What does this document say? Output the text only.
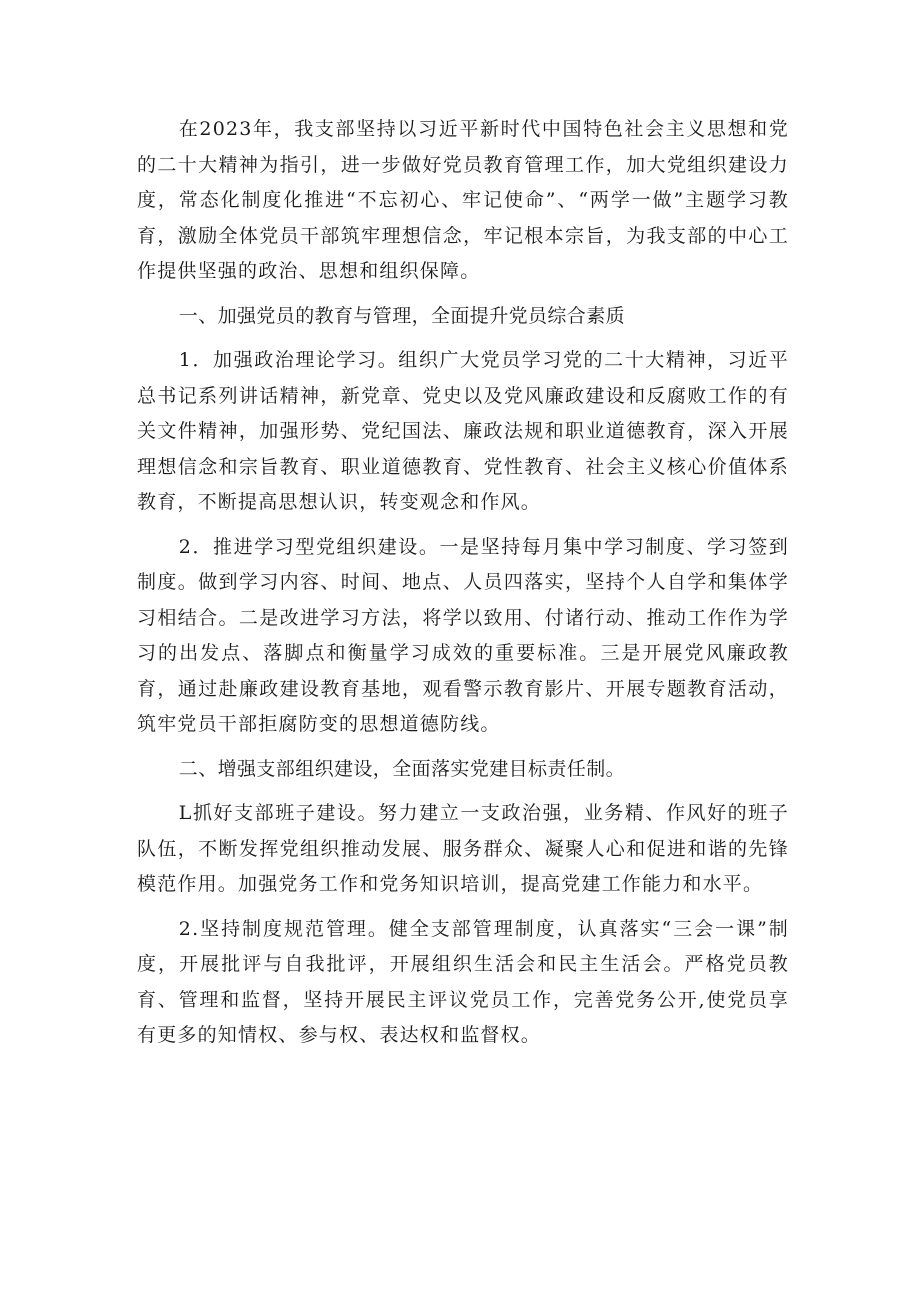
在2023年，我支部坚持以习近平新时代中国特色社会主义思想和党的二十大精神为指引，进一步做好党员教育管理工作，加大党组织建设力度，常态化制度化推进“不忘初心、牢记使命”、“两学一做”主题学习教育，激励全体党员干部筑牢理想信念，牢记根本宗旨，为我支部的中心工作提供坚强的政治、思想和组织保障。

一、加强党员的教育与管理，全面提升党员综合素质

1．加强政治理论学习。组织广大党员学习党的二十大精神，习近平总书记系列讲话精神，新党章、党史以及党风廉政建设和反腐败工作的有关文件精神，加强形势、党纪国法、廉政法规和职业道德教育，深入开展理想信念和宗旨教育、职业道德教育、党性教育、社会主义核心价值体系教育，不断提高思想认识，转变观念和作风。

2．推进学习型党组织建设。一是坚持每月集中学习制度、学习签到制度。做到学习内容、时间、地点、人员四落实，坚持个人自学和集体学习相结合。二是改进学习方法，将学以致用、付诸行动、推动工作作为学习的出发点、落脚点和衡量学习成效的重要标准。三是开展党风廉政教育，通过赴廉政建设教育基地，观看警示教育影片、开展专题教育活动，筑牢党员干部拒腐防变的思想道德防线。

二、增强支部组织建设，全面落实党建目标责任制。

L抓好支部班子建设。努力建立一支政治强，业务精、作风好的班子队伍，不断发挥党组织推动发展、服务群众、凝聚人心和促进和谐的先锋模范作用。加强党务工作和党务知识培训，提高党建工作能力和水平。

2.坚持制度规范管理。健全支部管理制度，认真落实“三会一课”制度，开展批评与自我批评，开展组织生活会和民主生活会。严格党员教育、管理和监督，坚持开展民主评议党员工作，完善党务公开,使党员享有更多的知情权、参与权、表达权和监督权。
